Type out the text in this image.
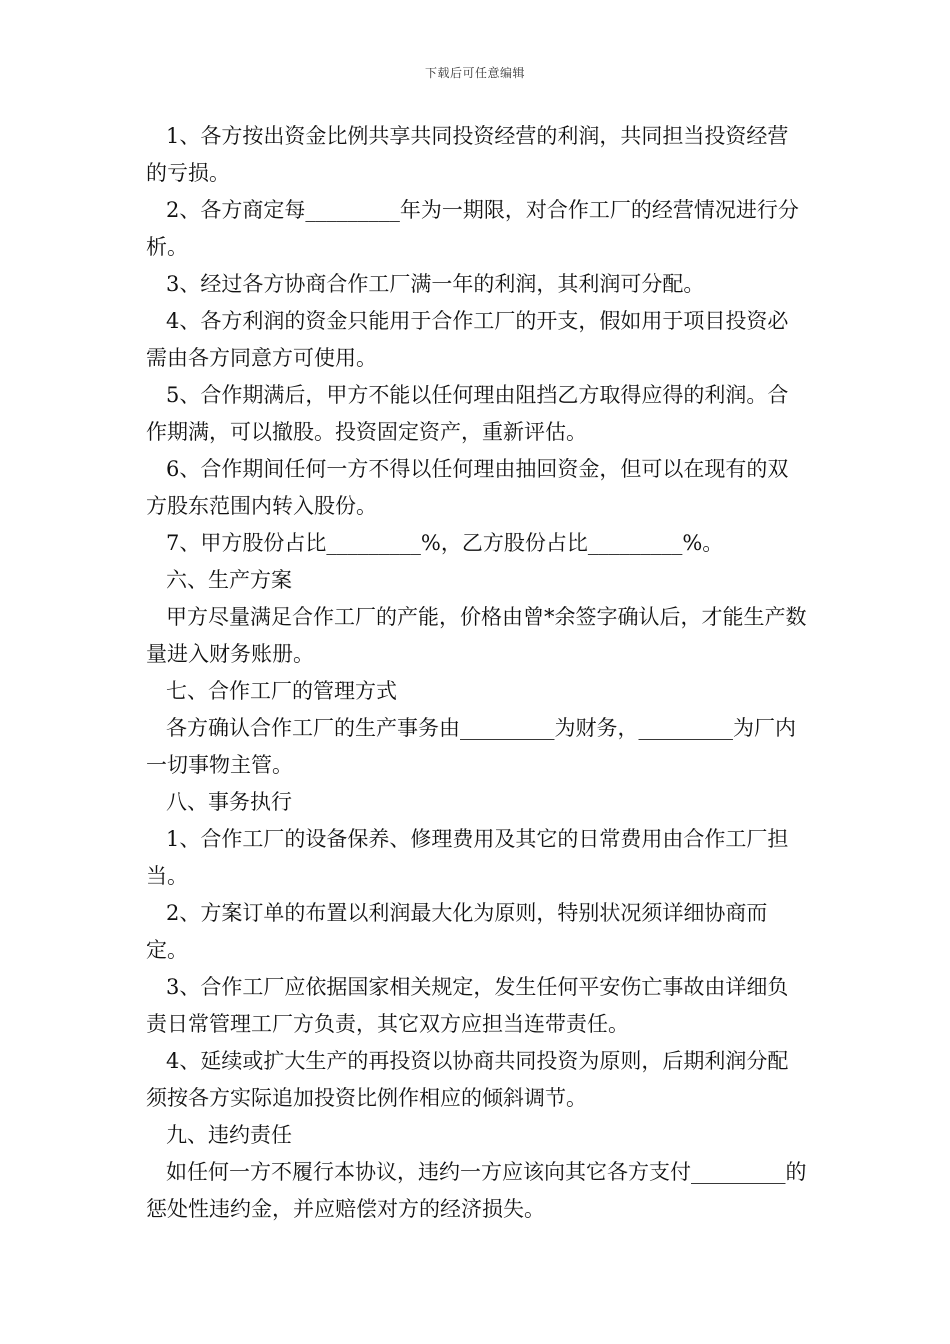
下载后可任意编辑

1、各方按出资金比例共享共同投资经营的利润，共同担当投资经营的亏损。

2、各方商定每_________年为一期限，对合作工厂的经营情况进行分析。

3、经过各方协商合作工厂满一年的利润，其利润可分配。

4、各方利润的资金只能用于合作工厂的开支，假如用于项目投资必需由各方同意方可使用。

5、合作期满后，甲方不能以任何理由阻挡乙方取得应得的利润。合作期满，可以撤股。投资固定资产，重新评估。

6、合作期间任何一方不得以任何理由抽回资金，但可以在现有的双方股东范围内转入股份。

7、甲方股份占比_________%，乙方股份占比_________%。

六、生产方案

甲方尽量满足合作工厂的产能，价格由曾*余签字确认后，才能生产数量进入财务账册。

七、合作工厂的管理方式

各方确认合作工厂的生产事务由_________为财务，_________为厂内一切事物主管。

八、事务执行

1、合作工厂的设备保养、修理费用及其它的日常费用由合作工厂担当。

2、方案订单的布置以利润最大化为原则，特别状况须详细协商而定。

3、合作工厂应依据国家相关规定，发生任何平安伤亡事故由详细负责日常管理工厂方负责，其它双方应担当连带责任。

4、延续或扩大生产的再投资以协商共同投资为原则，后期利润分配须按各方实际追加投资比例作相应的倾斜调节。

九、违约责任

如任何一方不履行本协议，违约一方应该向其它各方支付_________的惩处性违约金，并应赔偿对方的经济损失。
